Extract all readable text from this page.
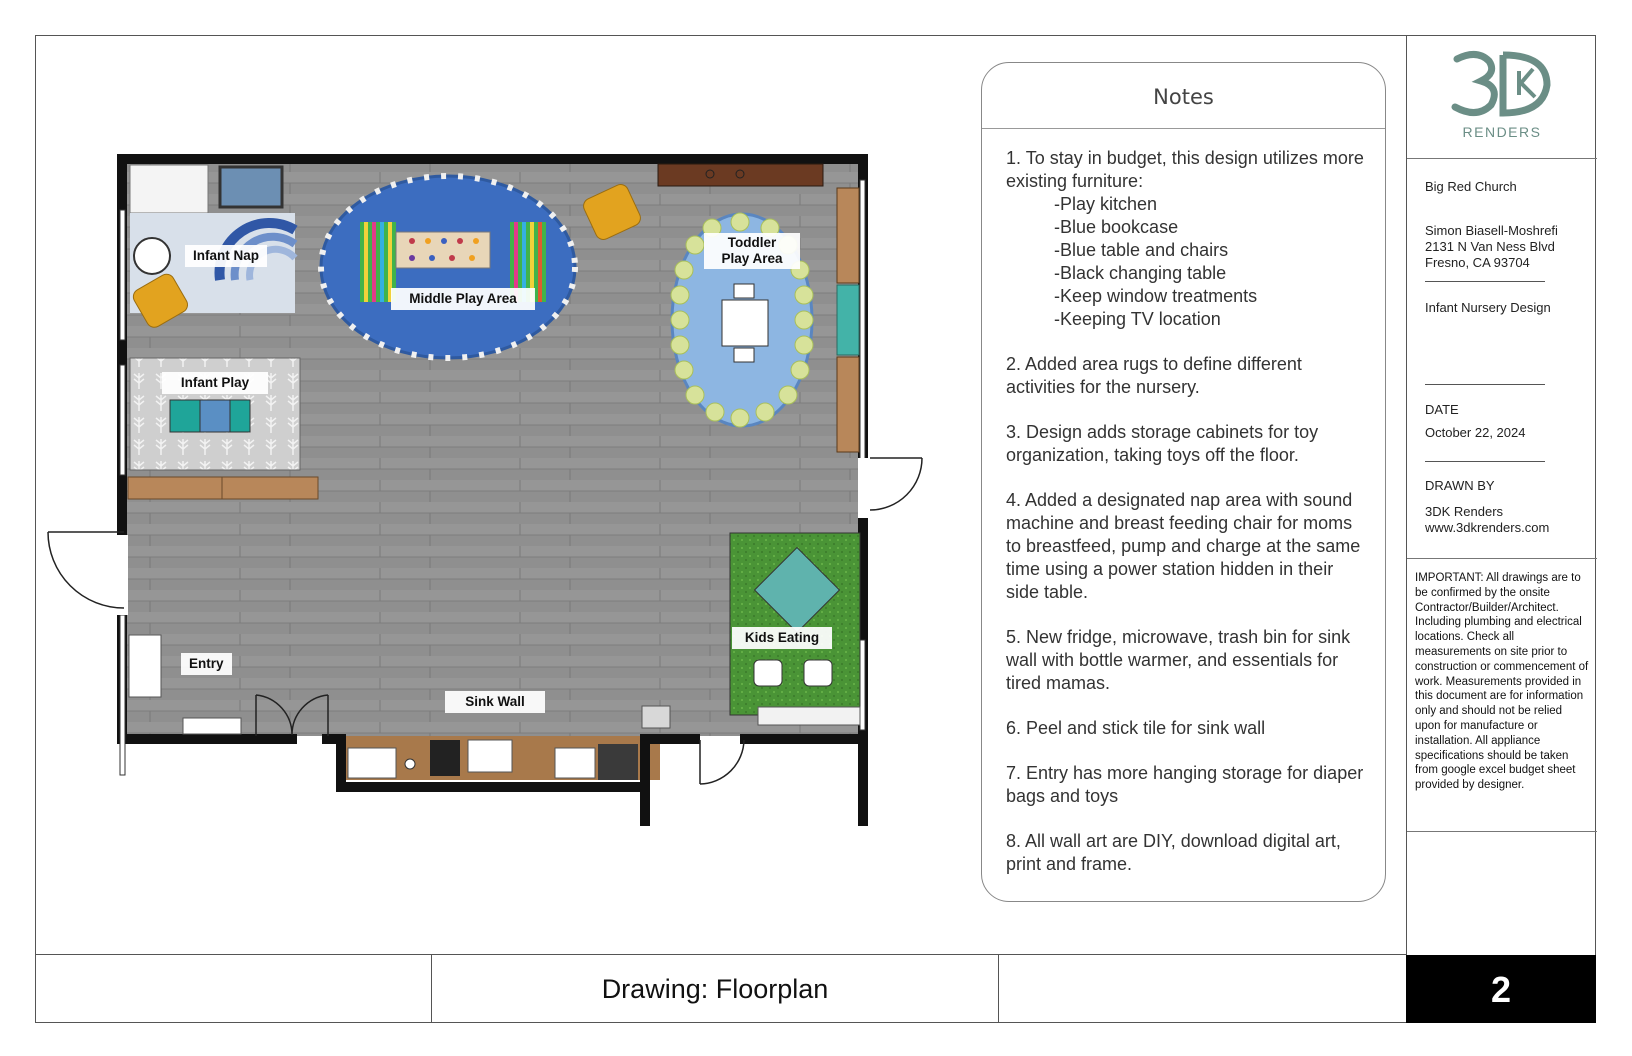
Infant Nap
Middle Play Area
Toddler
Play Area
Infant Play
Kids Eating
Entry
Sink Wall
Notes
1. To stay in budget, this design utilizes more existing furniture:
-Play kitchen
-Blue bookcase
-Blue table and chairs
-Black changing table
-Keep window treatments
-Keeping TV location
2. Added area rugs to define different activities for the nursery.
3. Design adds storage cabinets for toy organization, taking toys off the floor.
4. Added a designated nap area with sound machine and breast feeding chair for moms to breastfeed, pump and charge at the same time using a power station hidden in their side table.
5. New fridge, microwave, trash bin for sink wall with bottle warmer, and essentials for tired mamas.
6. Peel and stick tile for sink wall
7. Entry has more hanging storage for diaper bags and toys
8. All wall art are DIY, download digital art, print and frame.
RENDERS
Big Red Church
Simon Biasell-Moshrefi
2131 N Van Ness Blvd
Fresno, CA 93704
Infant Nursery Design
DATE
October 22, 2024
DRAWN BY
3DK Renders
www.3dkrenders.com
IMPORTANT: All drawings are to be confirmed by the onsite Contractor/Builder/Architect. Including plumbing and electrical locations. Check all measurements on site prior to construction or commencement of work. Measurements provided in this document are for information only and should not be relied upon for manufacture or installation. All appliance specifications should be taken from google excel budget sheet provided by designer.
Drawing: Floorplan	2
